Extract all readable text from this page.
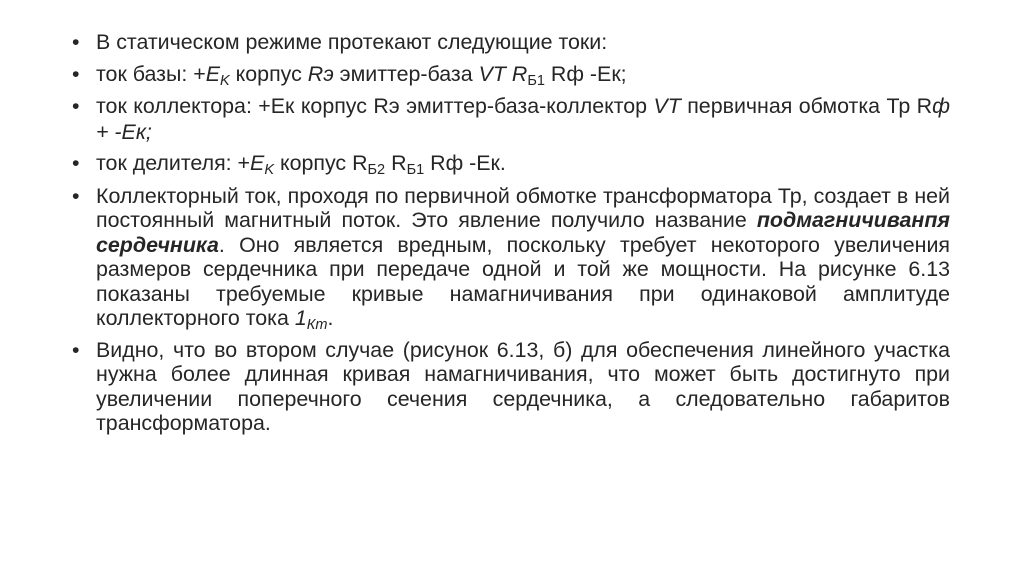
• В статическом режиме протекают следующие токи:
• ток базы: $+E_K$ корпус Rэ эмиттер-база VT $R_{Б1}$ Rф -Ек;
• ток коллектора: +Ек корпус Rэ эмиттер-база-коллектор VT первичная обмотка Тр Rф + -Ек;
• ток делителя: $+E_K$ корпус $R_{Б2}$ $R_{Б1}$ Rф -Ек.
• Коллекторный ток, проходя по первичной обмотке трансформатора Тр, создает в ней постоянный магнитный поток. Это явление получило название подмагничиванпя сердечника. Оно является вредным, поскольку требует некоторого увеличения размеров сердечника при передаче одной и той же мощности. На рисунке 6.13 показаны требуемые кривые намагничивания при одинаковой амплитуде коллекторного тока $1_{Кт}$.
• Видно, что во втором случае (рисунок 6.13, б) для обеспечения линейного участка нужна более длинная кривая намагничивания, что может быть достигнуто при увеличении поперечного сечения сердечника, а следовательно габаритов трансформатора.
